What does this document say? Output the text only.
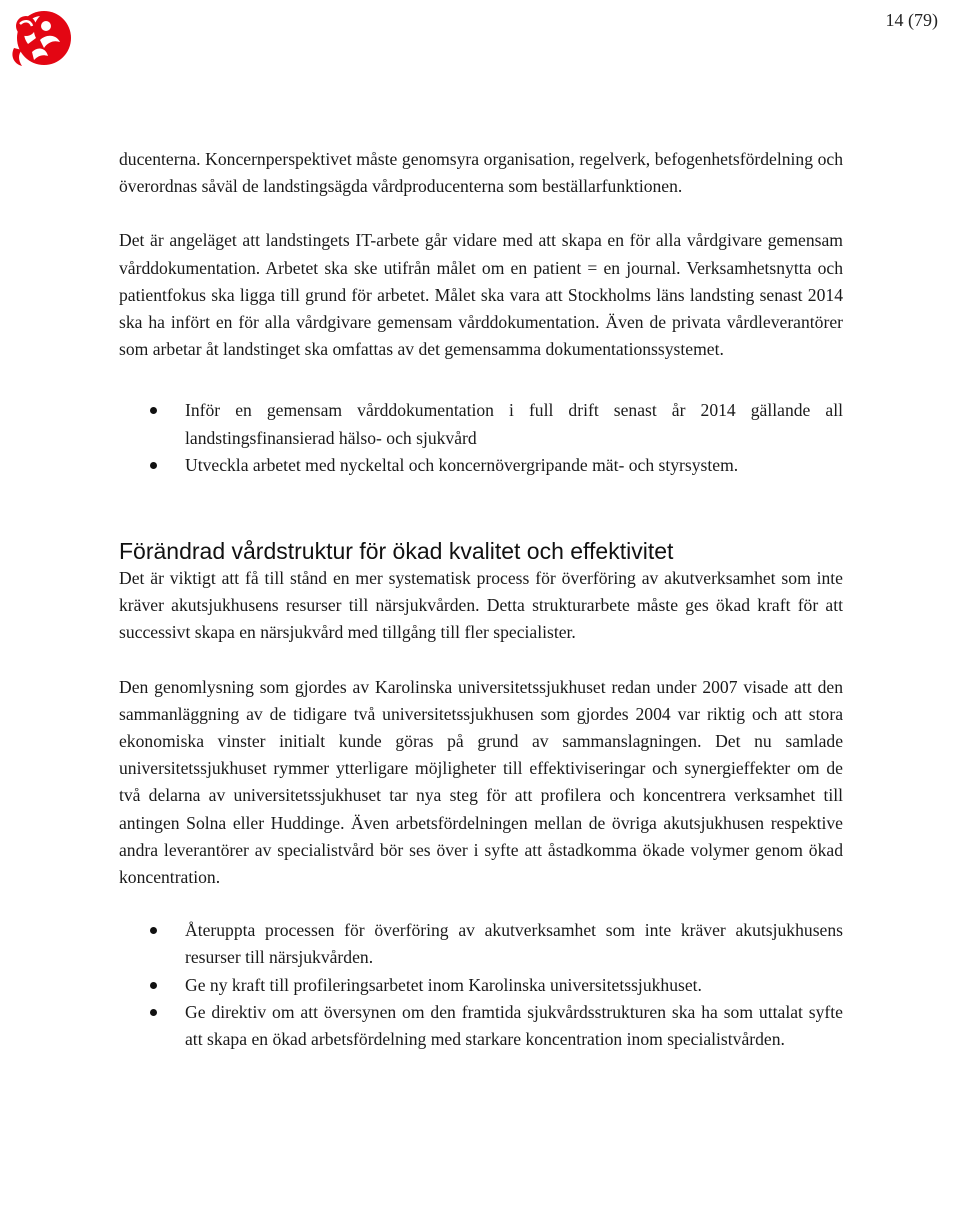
14 (79)

ducenterna. Koncernperspektivet måste genomsyra organisation, regelverk, befogenhetsfördelning och överordnas såväl de landstingsägda vårdproducenterna som beställarfunktionen.

Det är angeläget att landstingets IT-arbete går vidare med att skapa en för alla vårdgivare gemensam vårddokumentation. Arbetet ska ske utifrån målet om en patient = en journal. Verksamhetsnytta och patientfokus ska ligga till grund för arbetet. Målet ska vara att Stockholms läns landsting senast 2014 ska ha infört en för alla vårdgivare gemensam vårddokumentation. Även de privata vårdleverantörer som arbetar åt landstinget ska omfattas av det gemensamma dokumentationssystemet.

Inför en gemensam vårddokumentation i full drift senast år 2014 gällande all landstingsfinansierad hälso- och sjukvård
Utveckla arbetet med nyckeltal och koncernövergripande mät- och styrsystem.
Förändrad vårdstruktur för ökad kvalitet och effektivitet

Det är viktigt att få till stånd en mer systematisk process för överföring av akutverksamhet som inte kräver akutsjukhusens resurser till närsjukvården. Detta strukturarbete måste ges ökad kraft för att successivt skapa en närsjukvård med tillgång till fler specialister.

Den genomlysning som gjordes av Karolinska universitetssjukhuset redan under 2007 visade att den sammanläggning av de tidigare två universitetssjukhusen som gjordes 2004 var riktig och att stora ekonomiska vinster initialt kunde göras på grund av sammanslagningen. Det nu samlade universitetssjukhuset rymmer ytterligare möjligheter till effektiviseringar och synergieffekter om de två delarna av universitetssjukhuset tar nya steg för att profilera och koncentrera verksamhet till antingen Solna eller Huddinge. Även arbetsfördelningen mellan de övriga akutsjukhusen respektive andra leverantörer av specialistvård bör ses över i syfte att åstadkomma ökade volymer genom ökad koncentration.

Återuppta processen för överföring av akutverksamhet som inte kräver akutsjukhusens resurser till närsjukvården.
Ge ny kraft till profileringsarbetet inom Karolinska universitetssjukhuset.
Ge direktiv om att översynen om den framtida sjukvårdsstrukturen ska ha som uttalat syfte att skapa en ökad arbetsfördelning med starkare koncentration inom specialistvården.
